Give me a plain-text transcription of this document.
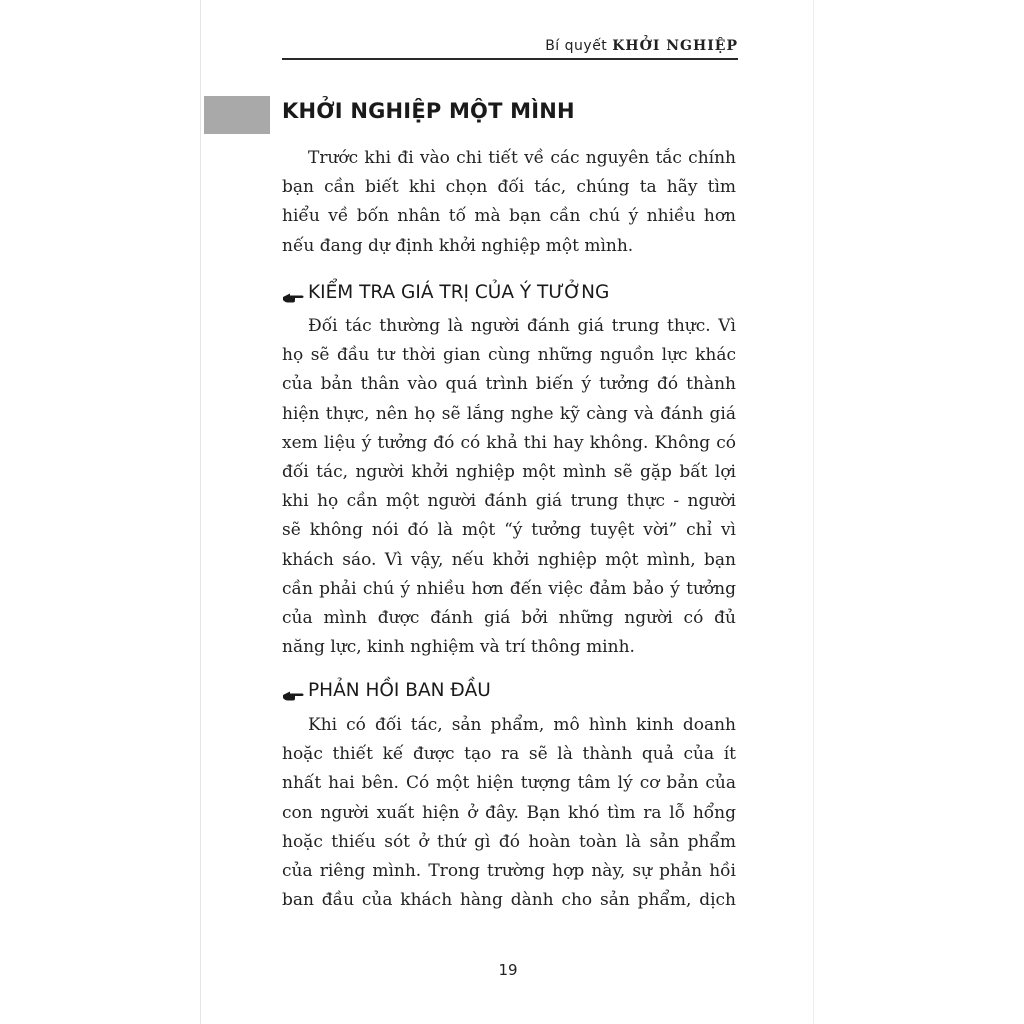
Bí quyết KHỞI NGHIỆP
KHỞI NGHIỆP MỘT MÌNH
Trước khi đi vào chi tiết về các nguyên tắc chính
bạn cần biết khi chọn đối tác, chúng ta hãy tìm
hiểu về bốn nhân tố mà bạn cần chú ý nhiều hơn
nếu đang dự định khởi nghiệp một mình.
KIỂM TRA GIÁ TRỊ CỦA Ý TƯỞNG
Đối tác thường là người đánh giá trung thực. Vì
họ sẽ đầu tư thời gian cùng những nguồn lực khác
của bản thân vào quá trình biến ý tưởng đó thành
hiện thực, nên họ sẽ lắng nghe kỹ càng và đánh giá
xem liệu ý tưởng đó có khả thi hay không. Không có
đối tác, người khởi nghiệp một mình sẽ gặp bất lợi
khi họ cần một người đánh giá trung thực - người
sẽ không nói đó là một “ý tưởng tuyệt vời” chỉ vì
khách sáo. Vì vậy, nếu khởi nghiệp một mình, bạn
cần phải chú ý nhiều hơn đến việc đảm bảo ý tưởng
của mình được đánh giá bởi những người có đủ
năng lực, kinh nghiệm và trí thông minh.
PHẢN HỒI BAN ĐẦU
Khi có đối tác, sản phẩm, mô hình kinh doanh
hoặc thiết kế được tạo ra sẽ là thành quả của ít
nhất hai bên. Có một hiện tượng tâm lý cơ bản của
con người xuất hiện ở đây. Bạn khó tìm ra lỗ hổng
hoặc thiếu sót ở thứ gì đó hoàn toàn là sản phẩm
của riêng mình. Trong trường hợp này, sự phản hồi
ban đầu của khách hàng dành cho sản phẩm, dịch
19
